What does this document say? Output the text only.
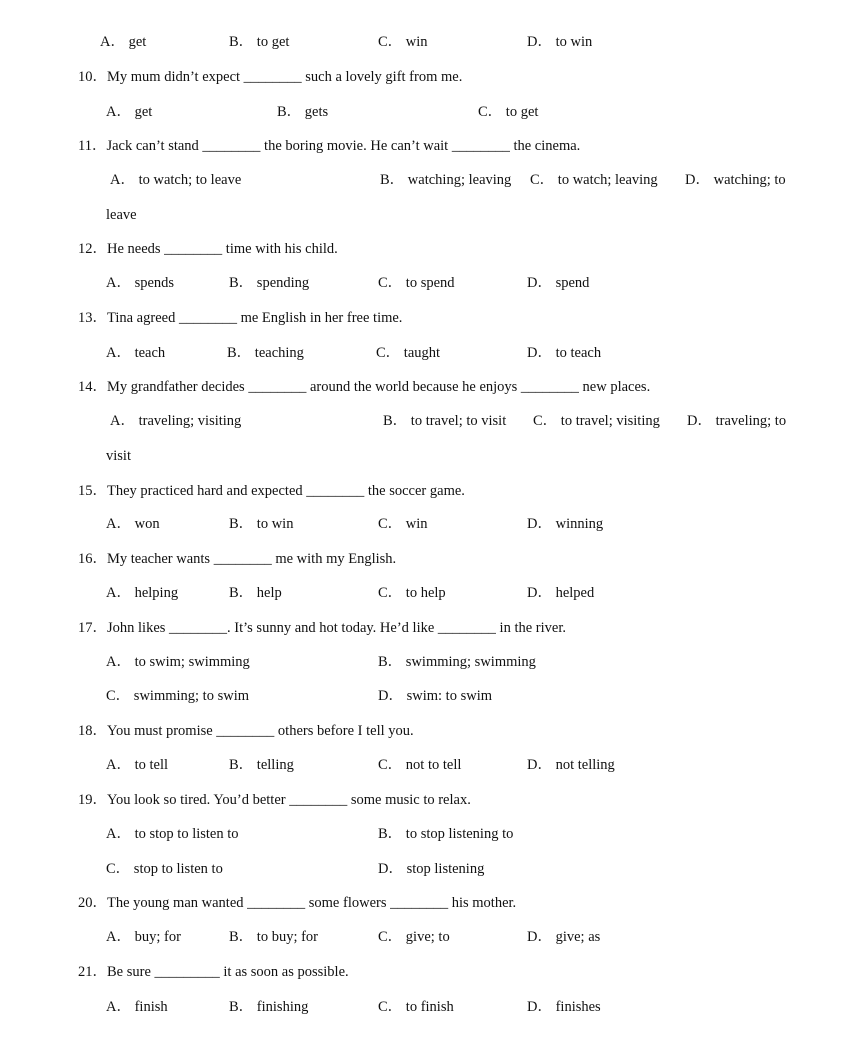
A． get	B． to get	C． win	D． to win
10．My mum didn’t expect ________ such a lovely gift from me.
A． get	B． gets	C． to get
11．Jack can’t stand ________ the boring movie. He can’t wait ________ the cinema.
A． to watch; to leave	B． watching; leaving C． to watch; leaving D． watching; to
leave
12．He needs ________ time with his child.
A． spends	B． spending	C． to spend	D． spend
13．Tina agreed ________ me English in her free time.
A． teach	B． teaching	C． taught	D． to teach
14．My grandfather decides ________ around the world because he enjoys ________ new places.
A． traveling; visiting	B． to travel; to visit C． to travel; visiting D． traveling; to
visit
15．They practiced hard and expected ________ the soccer game.
A． won	B． to win	C． win	D． winning
16．My teacher wants ________ me with my English.
A． helping	B． help	C． to help	D． helped
17．John likes ________. It’s sunny and hot today. He’d like ________ in the river.
A． to swim; swimming	B． swimming; swimming
C． swimming; to swim	D． swim: to swim
18．You must promise ________ others before I tell you.
A． to tell	B． telling	C． not to tell	D． not telling
19．You look so tired. You’d better ________ some music to relax.
A． to stop to listen to	B． to stop listening to
C． stop to listen to	D． stop listening
20．The young man wanted ________ some flowers ________ his mother.
A． buy; for	B． to buy; for	C． give; to	D． give; as
21．Be sure _________ it as soon as possible.
A． finish	B． finishing	C． to finish	D． finishes
